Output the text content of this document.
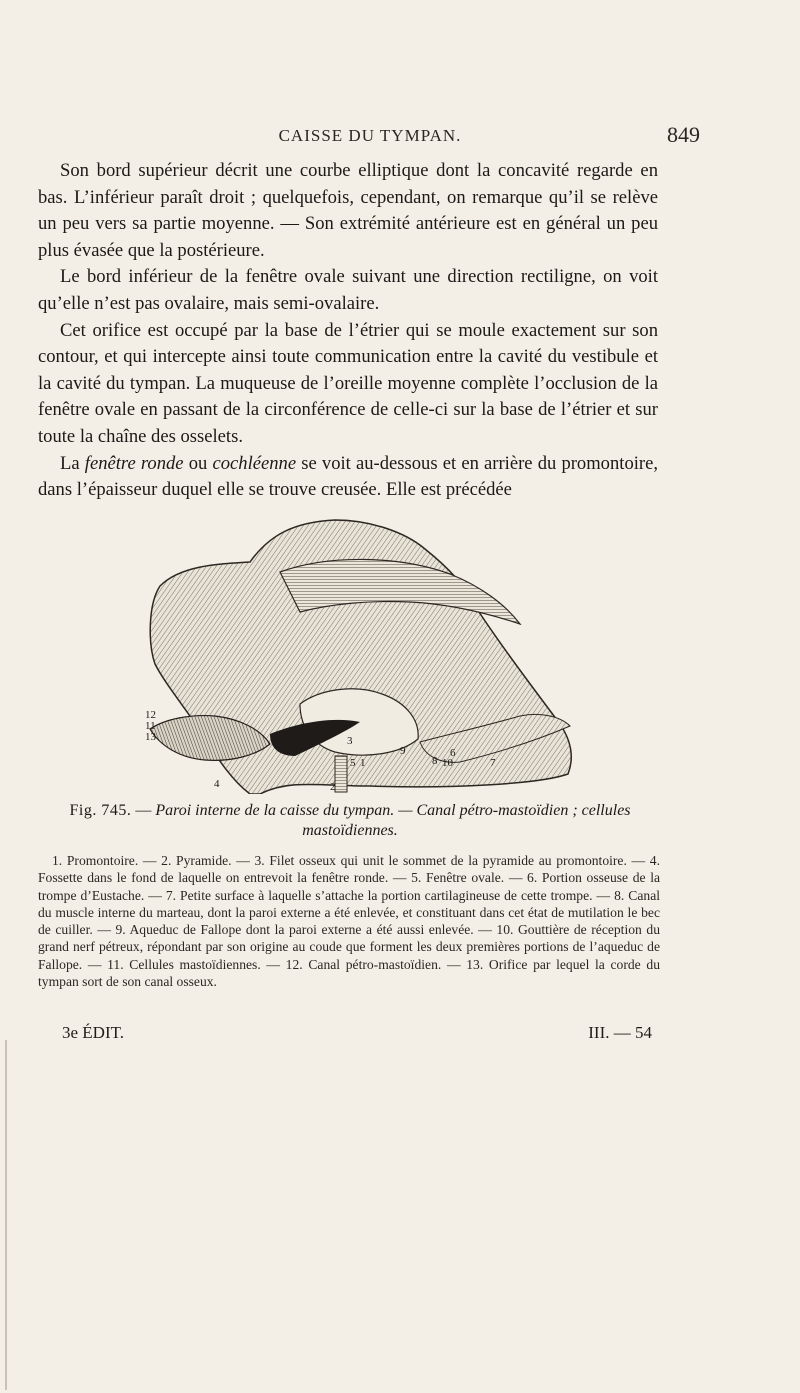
CAISSE DU TYMPAN.	849

Son bord supérieur décrit une courbe elliptique dont la concavité regarde en bas. L’inférieur paraît droit ; quelquefois, cependant, on remarque qu’il se relève un peu vers sa partie moyenne. — Son extrémité antérieure est en général un peu plus évasée que la postérieure.

Le bord inférieur de la fenêtre ovale suivant une direction rectiligne, on voit qu’elle n’est pas ovalaire, mais semi-ovalaire.

Cet orifice est occupé par la base de l’étrier qui se moule exactement sur son contour, et qui intercepte ainsi toute communication entre la cavité du vestibule et la cavité du tympan. La muqueuse de l’oreille moyenne complète l’occlusion de la fenêtre ovale en passant de la circonférence de celle-ci sur la base de l’étrier et sur toute la chaîne des osselets.

La fenêtre ronde ou cochléenne se voit au-dessous et en arrière du promontoire, dans l’épaisseur duquel elle se trouve creusée. Elle est précédée

12
11
13
4
5 1
9
8 10
6
7
3
2
Fig. 745. — Paroi interne de la caisse du tympan. — Canal pétro-mastoïdien ; cellules mastoïdiennes.

1. Promontoire. — 2. Pyramide. — 3. Filet osseux qui unit le sommet de la pyramide au promontoire. — 4. Fossette dans le fond de laquelle on entrevoit la fenêtre ronde. — 5. Fenêtre ovale. — 6. Portion osseuse de la trompe d’Eustache. — 7. Petite surface à laquelle s’attache la portion cartilagineuse de cette trompe. — 8. Canal du muscle interne du marteau, dont la paroi externe a été enlevée, et constituant dans cet état de mutilation le bec de cuiller. — 9. Aqueduc de Fallope dont la paroi externe a été aussi enlevée. — 10. Gouttière de réception du grand nerf pétreux, répondant par son origine au coude que forment les deux premières portions de l’aqueduc de Fallope. — 11. Cellules mastoïdiennes. — 12. Canal pétro-mastoïdien. — 13. Orifice par lequel la corde du tympan sort de son canal osseux.

3e ÉDIT.	III. — 54
